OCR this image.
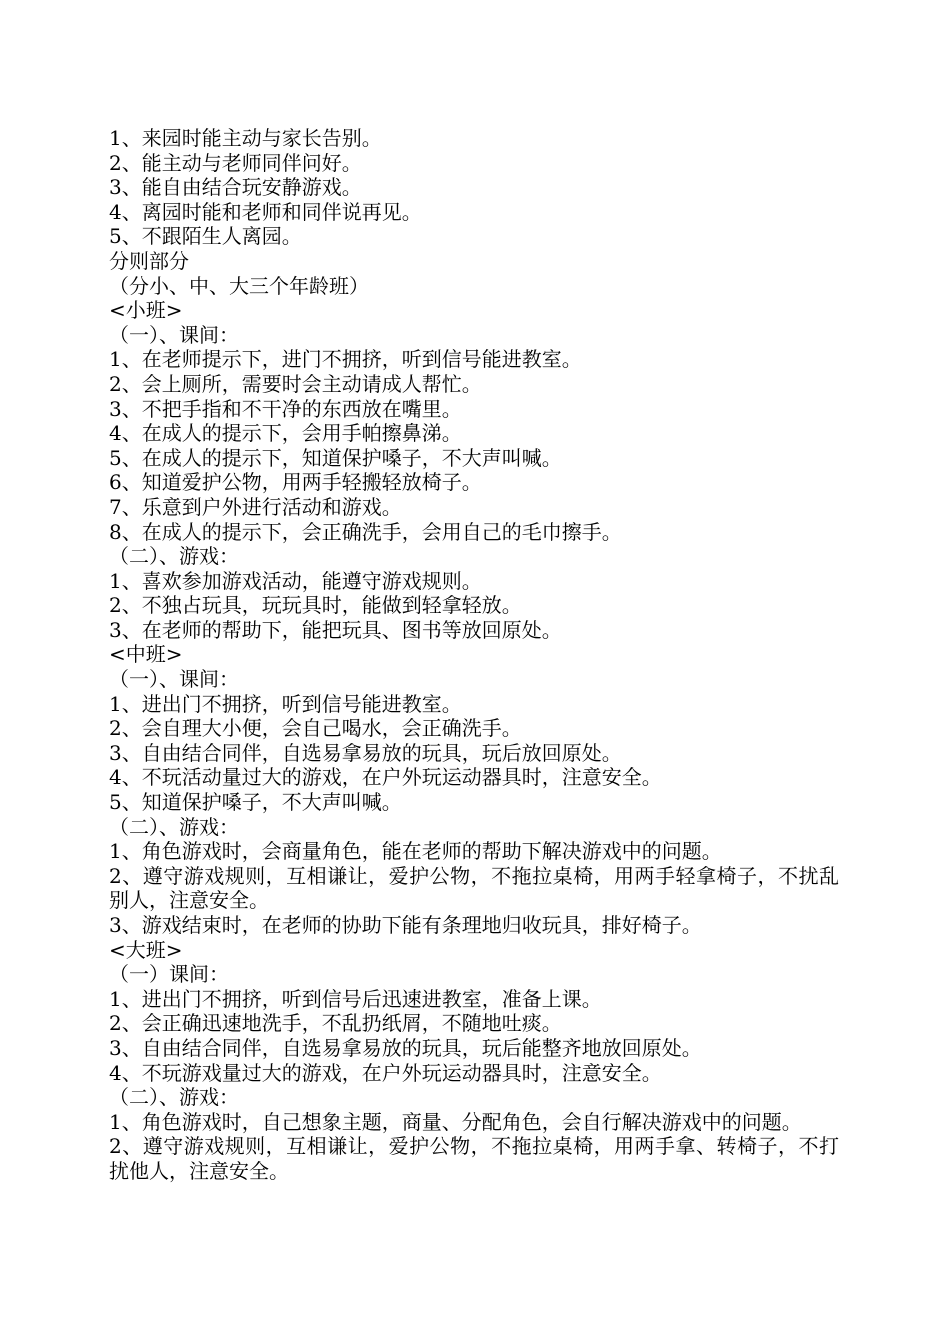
1、来园时能主动与家长告别。
2、能主动与老师同伴问好。
3、能自由结合玩安静游戏。
4、离园时能和老师和同伴说再见。
5、不跟陌生人离园。
分则部分
（分小、中、大三个年龄班）
<小班>
（一）、课间：
1、在老师提示下，进门不拥挤，听到信号能进教室。
2、会上厕所，需要时会主动请成人帮忙。
3、不把手指和不干净的东西放在嘴里。
4、在成人的提示下，会用手帕擦鼻涕。
5、在成人的提示下，知道保护嗓子，不大声叫喊。
6、知道爱护公物，用两手轻搬轻放椅子。
7、乐意到户外进行活动和游戏。
8、在成人的提示下，会正确洗手，会用自己的毛巾擦手。
（二）、游戏：
1、喜欢参加游戏活动，能遵守游戏规则。
2、不独占玩具，玩玩具时，能做到轻拿轻放。
3、在老师的帮助下，能把玩具、图书等放回原处。
<中班>
（一）、课间：
1、进出门不拥挤，听到信号能进教室。
2、会自理大小便，会自己喝水，会正确洗手。
3、自由结合同伴，自选易拿易放的玩具，玩后放回原处。
4、不玩活动量过大的游戏，在户外玩运动器具时，注意安全。
5、知道保护嗓子，不大声叫喊。
（二）、游戏：
1、角色游戏时，会商量角色，能在老师的帮助下解决游戏中的问题。
2、遵守游戏规则，互相谦让，爱护公物，不拖拉桌椅，用两手轻拿椅子，不扰乱别人，注意安全。
3、游戏结束时，在老师的协助下能有条理地归收玩具，排好椅子。
<大班>
（一）课间：
1、进出门不拥挤，听到信号后迅速进教室，准备上课。
2、会正确迅速地洗手，不乱扔纸屑，不随地吐痰。
3、自由结合同伴，自选易拿易放的玩具，玩后能整齐地放回原处。
4、不玩游戏量过大的游戏，在户外玩运动器具时，注意安全。
（二）、游戏：
1、角色游戏时，自己想象主题，商量、分配角色，会自行解决游戏中的问题。
2、遵守游戏规则，互相谦让，爱护公物，不拖拉桌椅，用两手拿、转椅子，不打扰他人，注意安全。
